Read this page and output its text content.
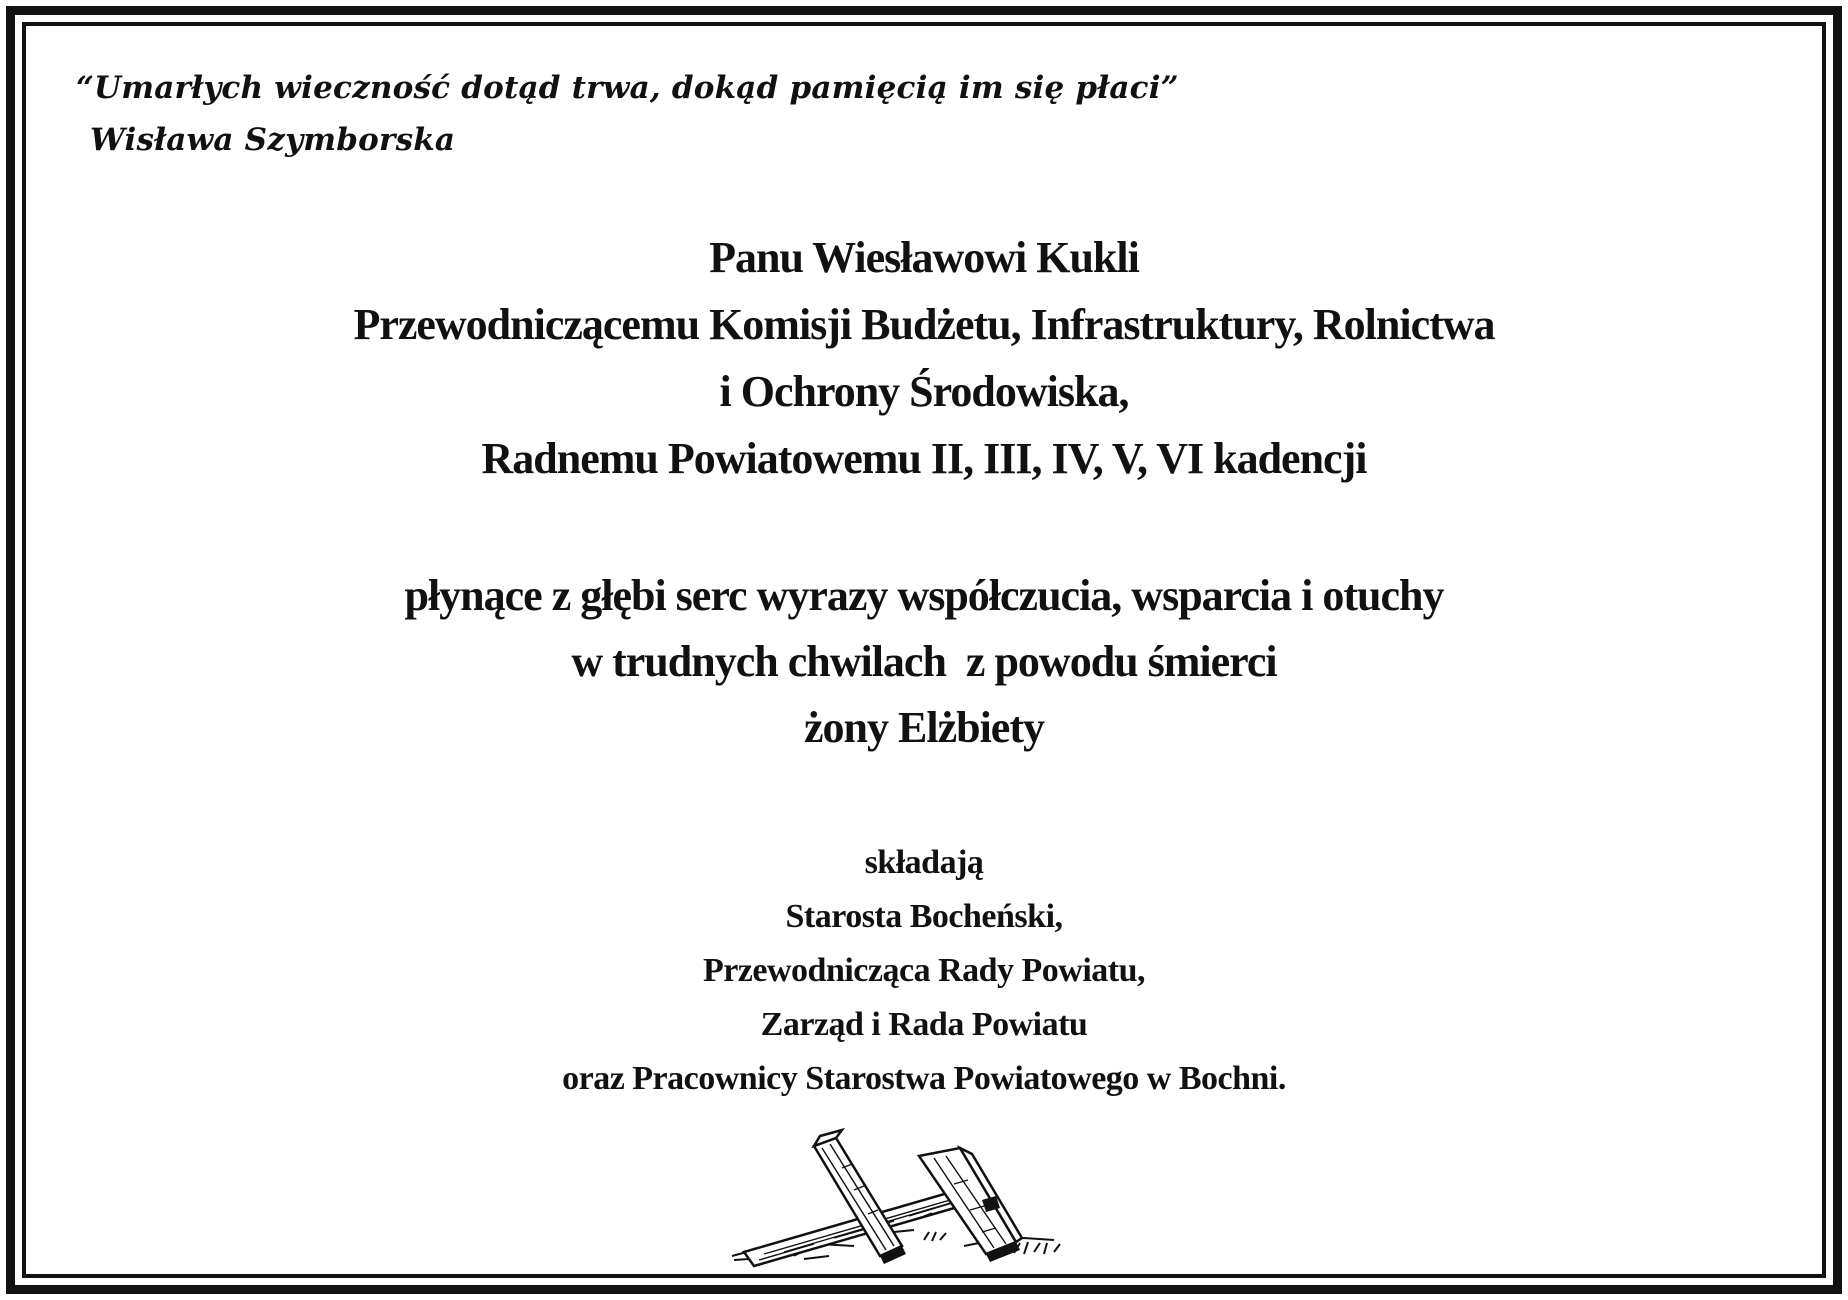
“Umarłych wieczność dotąd trwa, dokąd pamięcią im się płaci”
Wisława Szymborska
Panu Wiesławowi Kukli
Przewodniczącemu Komisji Budżetu, Infrastruktury, Rolnictwa
i Ochrony Środowiska,
Radnemu Powiatowemu II, III, IV, V, VI kadencji
płynące z głębi serc wyrazy współczucia, wsparcia i otuchy
w trudnych chwilach  z powodu śmierci
żony Elżbiety
składają
Starosta Bocheński,
Przewodnicząca Rady Powiatu,
Zarząd i Rada Powiatu
oraz Pracownicy Starostwa Powiatowego w Bochni.
